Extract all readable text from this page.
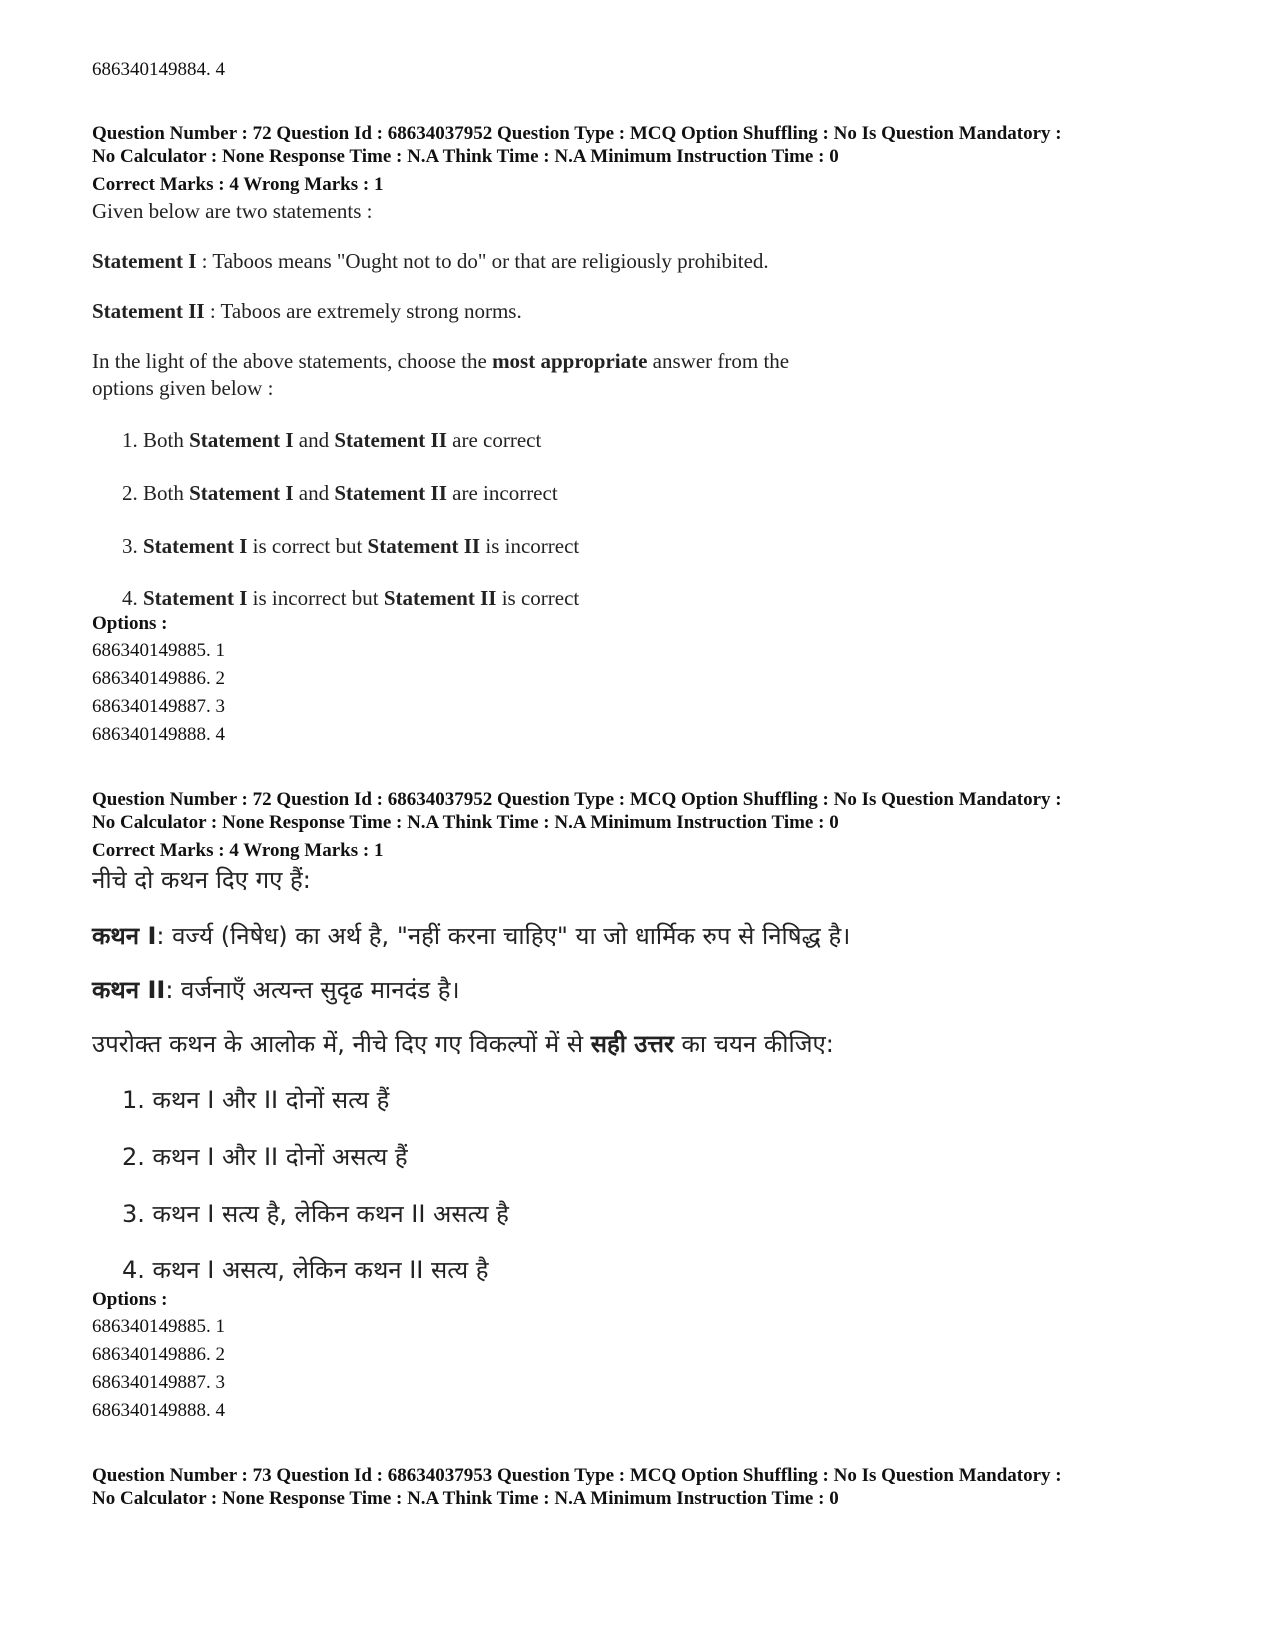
686340149884. 4
Question Number : 72 Question Id : 68634037952 Question Type : MCQ Option Shuffling : No Is Question Mandatory :
No Calculator : None Response Time : N.A Think Time : N.A Minimum Instruction Time : 0
Correct Marks : 4 Wrong Marks : 1
Given below are two statements :
Statement I : Taboos means "Ought not to do" or that are religiously prohibited.
Statement II : Taboos are extremely strong norms.
In the light of the above statements, choose the most appropriate answer from the
options given below :
1. Both Statement I and Statement II are correct
2. Both Statement I and Statement II are incorrect
3. Statement I is correct but Statement II is incorrect
4. Statement I is incorrect but Statement II is correct
Options :
686340149885. 1
686340149886. 2
686340149887. 3
686340149888. 4
Question Number : 72 Question Id : 68634037952 Question Type : MCQ Option Shuffling : No Is Question Mandatory :
No Calculator : None Response Time : N.A Think Time : N.A Minimum Instruction Time : 0
Correct Marks : 4 Wrong Marks : 1
नीचे दो कथन दिए गए हैं:
कथन I: वर्ज्य (निषेध) का अर्थ है, "नहीं करना चाहिए" या जो धार्मिक रुप से निषिद्ध है।
कथन II: वर्जनाएँ अत्यन्त सुदृढ मानदंड है।
उपरोक्त कथन के आलोक में, नीचे दिए गए विकल्पों में से सही उत्तर का चयन कीजिए:
1. कथन I और II दोनों सत्य हैं
2. कथन I और II दोनों असत्य हैं
3. कथन I सत्य है, लेकिन कथन II असत्य है
4. कथन I असत्य, लेकिन कथन II सत्य है
Options :
686340149885. 1
686340149886. 2
686340149887. 3
686340149888. 4
Question Number : 73 Question Id : 68634037953 Question Type : MCQ Option Shuffling : No Is Question Mandatory :
No Calculator : None Response Time : N.A Think Time : N.A Minimum Instruction Time : 0
